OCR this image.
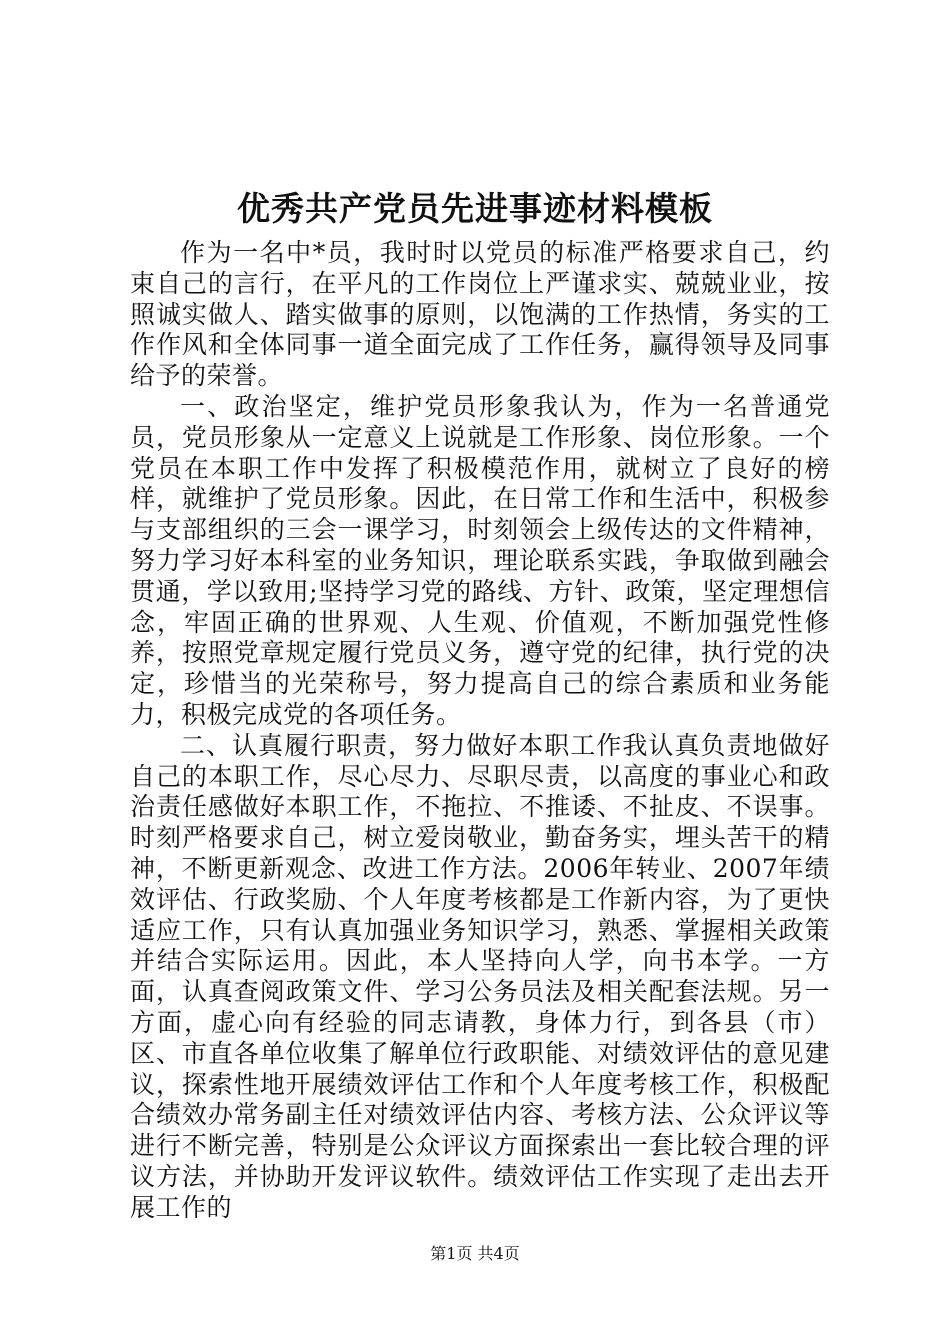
优秀共产党员先进事迹材料模板

作为一名中*员，我时时以党员的标准严格要求自己，约束自己的言行，在平凡的工作岗位上严谨求实、兢兢业业，按照诚实做人、踏实做事的原则，以饱满的工作热情，务实的工作作风和全体同事一道全面完成了工作任务，赢得领导及同事给予的荣誉。

一、政治坚定，维护党员形象我认为，作为一名普通党员，党员形象从一定意义上说就是工作形象、岗位形象。一个党员在本职工作中发挥了积极模范作用，就树立了良好的榜样，就维护了党员形象。因此，在日常工作和生活中，积极参与支部组织的三会一课学习，时刻领会上级传达的文件精神，努力学习好本科室的业务知识，理论联系实践，争取做到融会贯通，学以致用;坚持学习党的路线、方针、政策，坚定理想信念，牢固正确的世界观、人生观、价值观，不断加强党性修养，按照党章规定履行党员义务，遵守党的纪律，执行党的决定，珍惜当的光荣称号，努力提高自己的综合素质和业务能力，积极完成党的各项任务。

二、认真履行职责，努力做好本职工作我认真负责地做好自己的本职工作，尽心尽力、尽职尽责，以高度的事业心和政治责任感做好本职工作，不拖拉、不推诿、不扯皮、不误事。时刻严格要求自己，树立爱岗敬业，勤奋务实，埋头苦干的精神，不断更新观念、改进工作方法。2006年转业、2007年绩效评估、行政奖励、个人年度考核都是工作新内容，为了更快适应工作，只有认真加强业务知识学习，熟悉、掌握相关政策并结合实际运用。因此，本人坚持向人学，向书本学。一方面，认真查阅政策文件、学习公务员法及相关配套法规。另一方面，虚心向有经验的同志请教，身体力行，到各县（市）区、市直各单位收集了解单位行政职能、对绩效评估的意见建议，探索性地开展绩效评估工作和个人年度考核工作，积极配合绩效办常务副主任对绩效评估内容、考核方法、公众评议等进行不断完善，特别是公众评议方面探索出一套比较合理的评议方法，并协助开发评议软件。绩效评估工作实现了走出去开展工作的

第1页 共4页
